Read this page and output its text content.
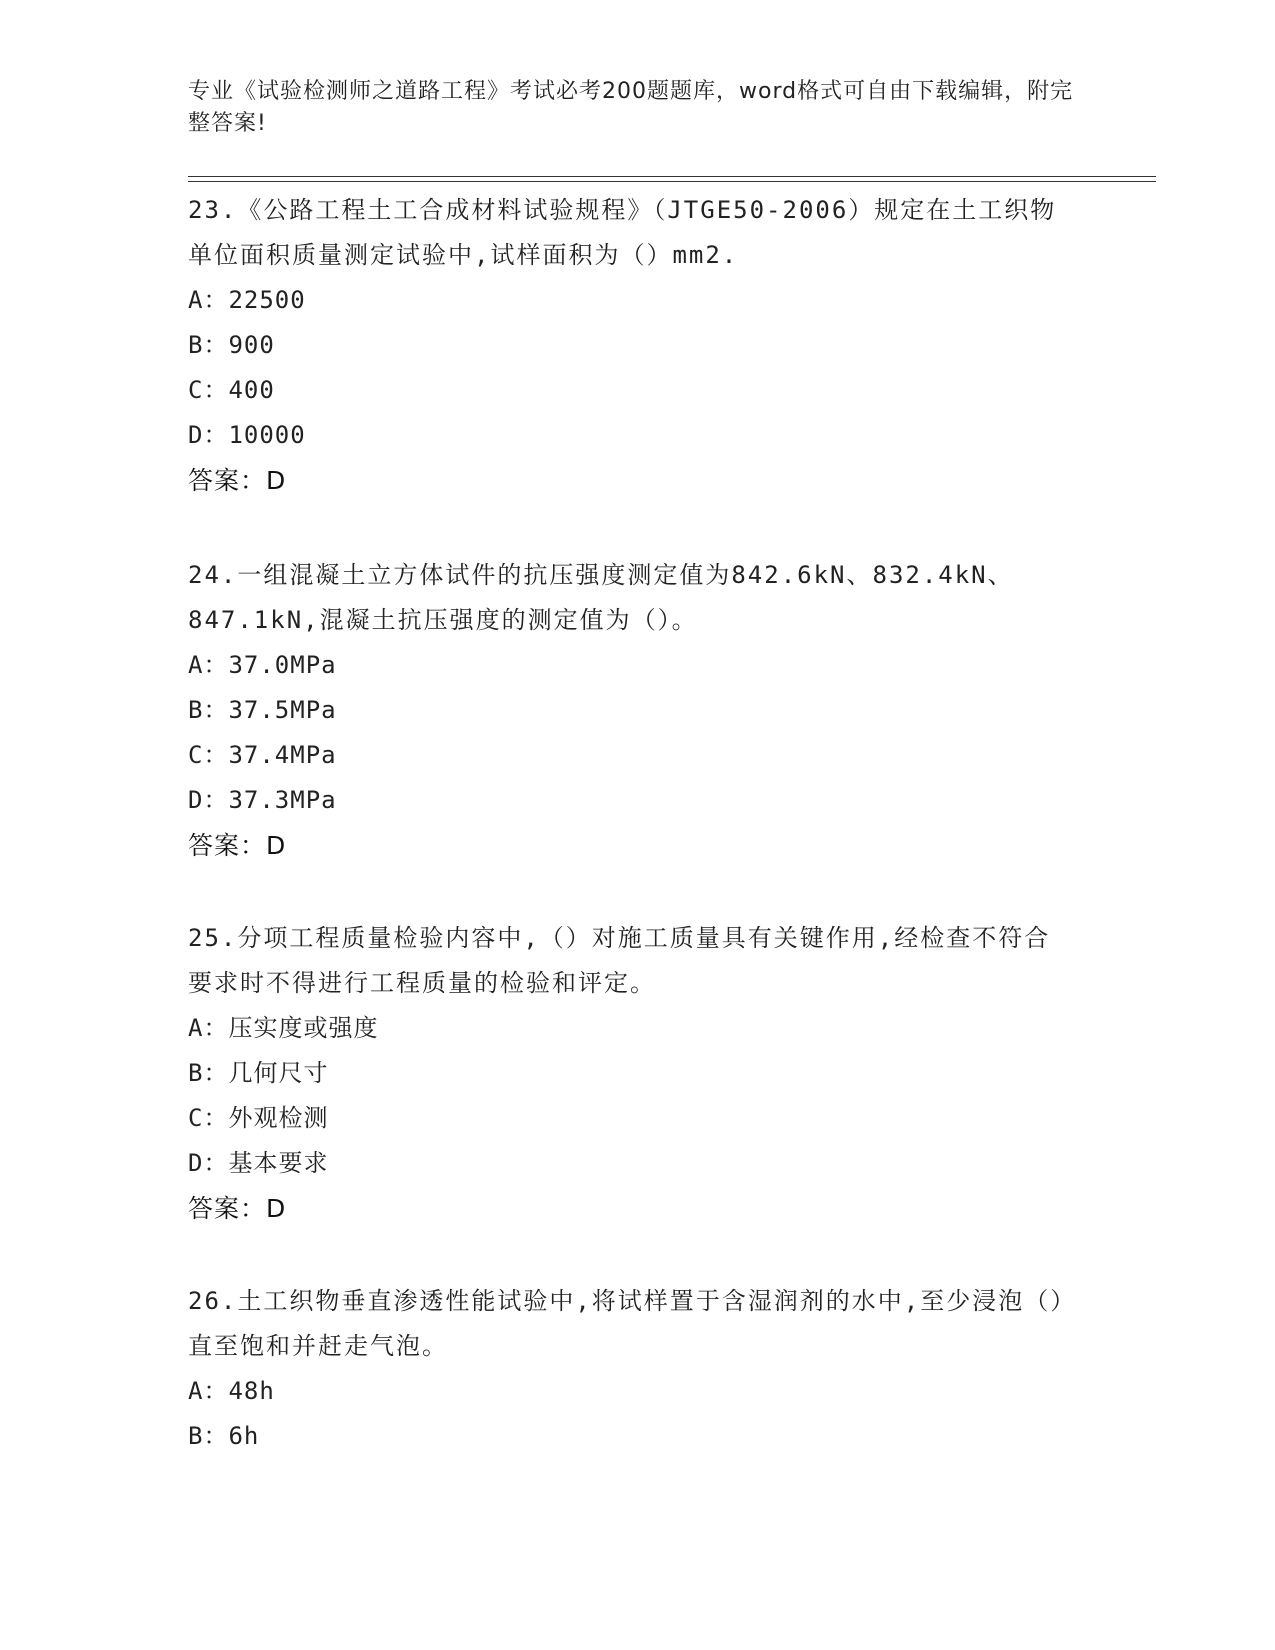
专业《试验检测师之道路工程》考试必考200题题库，word格式可自由下载编辑，附完整答案!
23.《公路工程土工合成材料试验规程》（JTGE50-2006）规定在土工织物单位面积质量测定试验中,试样面积为（）mm2.
A：22500
B：900
C：400
D：10000
答案：D
24.一组混凝土立方体试件的抗压强度测定值为842.6kN、832.4kN、847.1kN,混凝土抗压强度的测定值为（）。
A：37.0MPa
B：37.5MPa
C：37.4MPa
D：37.3MPa
答案：D
25.分项工程质量检验内容中,（）对施工质量具有关键作用,经检查不符合要求时不得进行工程质量的检验和评定。
A：压实度或强度
B：几何尺寸
C：外观检测
D：基本要求
答案：D
26.土工织物垂直渗透性能试验中,将试样置于含湿润剂的水中,至少浸泡（）直至饱和并赶走气泡。
A：48h
B：6h
